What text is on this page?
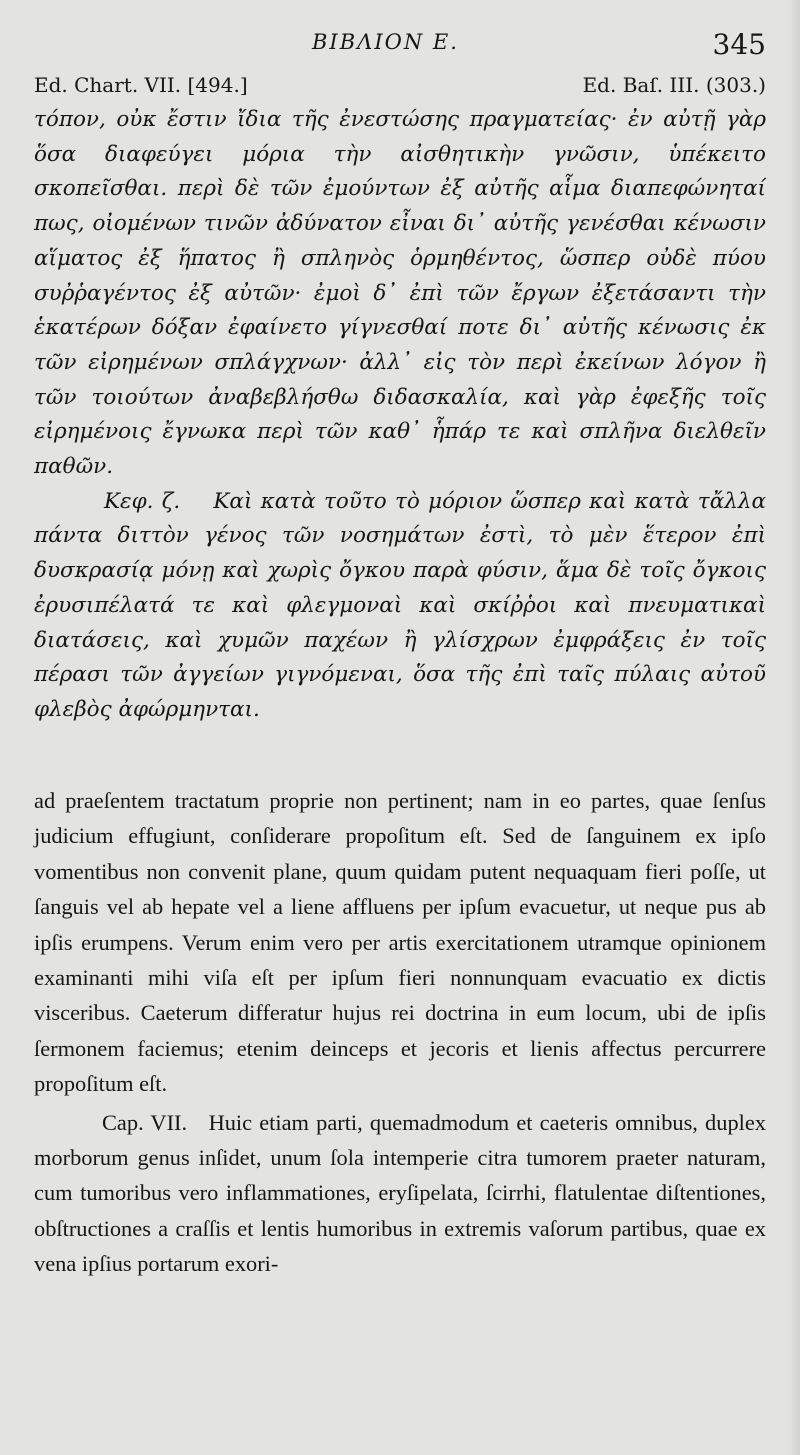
BIBΛΙΟΝ Ε.	345
Ed. Chart. VII. [494.]	Ed. Baſ. III. (303.)

τόπον, οὐκ ἔστιν ἴδια τῆς ἐνεστώσης πραγματείας· ἐν αὐτῇ γὰρ ὅσα διαφεύγει μόρια τὴν αἰσθητικὴν γνῶσιν, ὑπέκειτο σκοπεῖσθαι. περὶ δὲ τῶν ἐμούντων ἐξ αὐτῆς αἷμα διαπεφώνηταί πως, οἰομένων τινῶν ἀδύνατον εἶναι δι᾽ αὐτῆς γενέσθαι κένωσιν αἵματος ἐξ ἥπατος ἢ σπληνὸς ὁρμηθέντος, ὥσπερ οὐδὲ πύου συῤῥαγέντος ἐξ αὐτῶν· ἐμοὶ δ᾽ ἐπὶ τῶν ἔργων ἐξετάσαντι τὴν ἑκατέρων δόξαν ἐφαίνετο γίγνεσθαί ποτε δι᾽ αὐτῆς κένωσις ἐκ τῶν εἰρημένων σπλάγχνων· ἀλλ᾽ εἰς τὸν περὶ ἐκείνων λόγον ἢ τῶν τοιούτων ἀναβεβλήσθω διδασκαλία, καὶ γὰρ ἐφεξῆς τοῖς εἰρημένοις ἔγνωκα περὶ τῶν καθ᾽ ἧπάρ τε καὶ σπλῆνα διελθεῖν παθῶν.

Κεφ. ζ. Καὶ κατὰ τοῦτο τὸ μόριον ὥσπερ καὶ κατὰ τἄλλα πάντα διττὸν γένος τῶν νοσημάτων ἐστὶ, τὸ μὲν ἕτερον ἐπὶ δυσκρασίᾳ μόνῃ καὶ χωρὶς ὄγκου παρὰ φύσιν, ἅμα δὲ τοῖς ὄγκοις ἐρυσιπέλατά τε καὶ φλεγμοναὶ καὶ σκίῤῥοι καὶ πνευματικαὶ διατάσεις, καὶ χυμῶν παχέων ἢ γλίσχρων ἐμφράξεις ἐν τοῖς πέρασι τῶν ἀγγείων γιγνόμεναι, ὅσα τῆς ἐπὶ ταῖς πύλαις αὐτοῦ φλεβὸς ἀφώρμηνται.

ad praeſentem tractatum proprie non pertinent; nam in eo partes, quae ſenſus judicium effugiunt, conſiderare propoſitum eſt. Sed de ſanguinem ex ipſo vomentibus non convenit plane, quum quidam putent nequaquam fieri poſſe, ut ſanguis vel ab hepate vel a liene affluens per ipſum evacuetur, ut neque pus ab ipſis erumpens. Verum enim vero per artis exercitationem utramque opinionem examinanti mihi viſa eſt per ipſum fieri nonnunquam evacuatio ex dictis visceribus. Caeterum differatur hujus rei doctrina in eum locum, ubi de ipſis ſermonem faciemus; etenim deinceps et jecoris et lienis affectus percurrere propoſitum eſt.

Cap. VII. Huic etiam parti, quemadmodum et caeteris omnibus, duplex morborum genus inſidet, unum ſola intemperie citra tumorem praeter naturam, cum tumoribus vero inflammationes, eryſipelata, ſcirrhi, flatulentae diſtentiones, obſtructiones a craſſis et lentis humoribus in extremis vaſorum partibus, quae ex vena ipſius portarum exori-
